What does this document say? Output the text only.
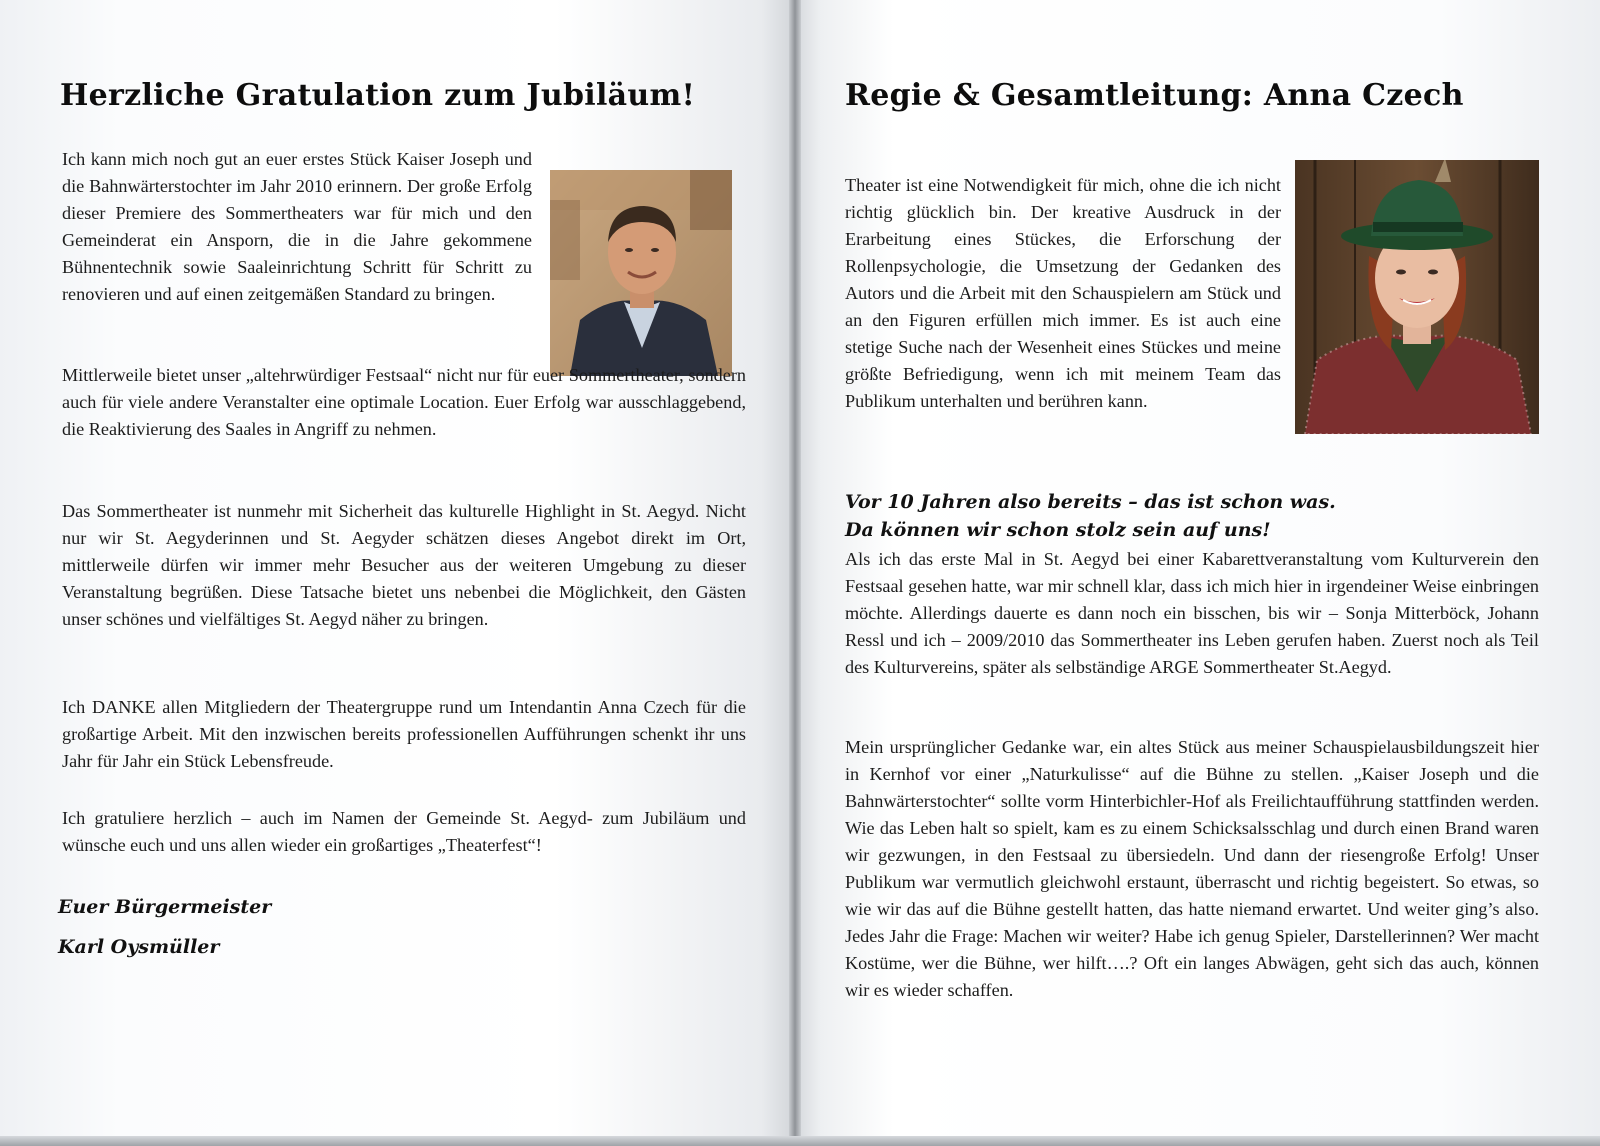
Herzliche Gratulation zum Jubiläum!

Ich kann mich noch gut an euer erstes Stück Kaiser Joseph und die Bahnwärterstochter im Jahr 2010 erinnern. Der große Erfolg dieser Premiere des Sommertheaters war für mich und den Gemeinderat ein Ansporn, die in die Jahre gekommene Bühnentechnik sowie Saaleinrichtung Schritt für Schritt zu renovieren und auf einen zeitgemäßen Standard zu bringen.

Mittlerweile bietet unser „altehrwürdiger Festsaal“ nicht nur für euer Sommertheater, sondern auch für viele andere Veranstalter eine optimale Location. Euer Erfolg war ausschlaggebend, die Reaktivierung des Saales in Angriff zu nehmen.

Das Sommertheater ist nunmehr mit Sicherheit das kulturelle Highlight in St. Aegyd. Nicht nur wir St. Aegyderinnen und St. Aegyder schätzen dieses Angebot direkt im Ort, mittlerweile dürfen wir immer mehr Besucher aus der weiteren Umgebung zu dieser Veranstaltung begrüßen. Diese Tatsache bietet uns nebenbei die Möglichkeit, den Gästen unser schönes und vielfältiges St. Aegyd näher zu bringen.

Ich DANKE allen Mitgliedern der Theatergruppe rund um Intendantin Anna Czech für die großartige Arbeit. Mit den inzwischen bereits professionellen Aufführungen schenkt ihr uns Jahr für Jahr ein Stück Lebensfreude.

Ich gratuliere herzlich – auch im Namen der Gemeinde St. Aegyd- zum Jubiläum und wünsche euch und uns allen wieder ein großartiges „Theaterfest“!

Euer Bürgermeister

Karl Oysmüller

Regie & Gesamtleitung: Anna Czech

Theater ist eine Notwendigkeit für mich, ohne die ich nicht richtig glücklich bin. Der kreative Ausdruck in der Erarbeitung eines Stückes, die Erforschung der Rollenpsychologie, die Umsetzung der Gedanken des Autors und die Arbeit mit den Schauspielern am Stück und an den Figuren erfüllen mich immer. Es ist auch eine stetige Suche nach der Wesenheit eines Stückes und meine größte Befriedigung, wenn ich mit meinem Team das Publikum unterhalten und berühren kann.

Vor 10 Jahren also bereits – das ist schon was.

Da können wir schon stolz sein auf uns!

Als ich das erste Mal in St. Aegyd bei einer Kabarettveranstaltung vom Kulturverein den Festsaal gesehen hatte, war mir schnell klar, dass ich mich hier in irgendeiner Weise einbringen möchte. Allerdings dauerte es dann noch ein bisschen, bis wir – Sonja Mitterböck, Johann Ressl und ich – 2009/2010 das Sommertheater ins Leben gerufen haben. Zuerst noch als Teil des Kulturvereins, später als selbständige ARGE Sommertheater St.Aegyd.

Mein ursprünglicher Gedanke war, ein altes Stück aus meiner Schauspielausbildungszeit hier in Kernhof vor einer „Naturkulisse“ auf die Bühne zu stellen. „Kaiser Joseph und die Bahnwärterstochter“ sollte vorm Hinterbichler-Hof als Freilichtaufführung stattfinden werden. Wie das Leben halt so spielt, kam es zu einem Schicksalsschlag und durch einen Brand waren wir gezwungen, in den Festsaal zu übersiedeln. Und dann der riesengroße Erfolg! Unser Publikum war vermutlich gleichwohl erstaunt, überrascht und richtig begeistert. So etwas, so wie wir das auf die Bühne gestellt hatten, das hatte niemand erwartet. Und weiter ging’s also. Jedes Jahr die Frage: Machen wir weiter? Habe ich genug Spieler, Darstellerinnen? Wer macht Kostüme, wer die Bühne, wer hilft….? Oft ein langes Abwägen, geht sich das auch, können wir es wieder schaffen.
